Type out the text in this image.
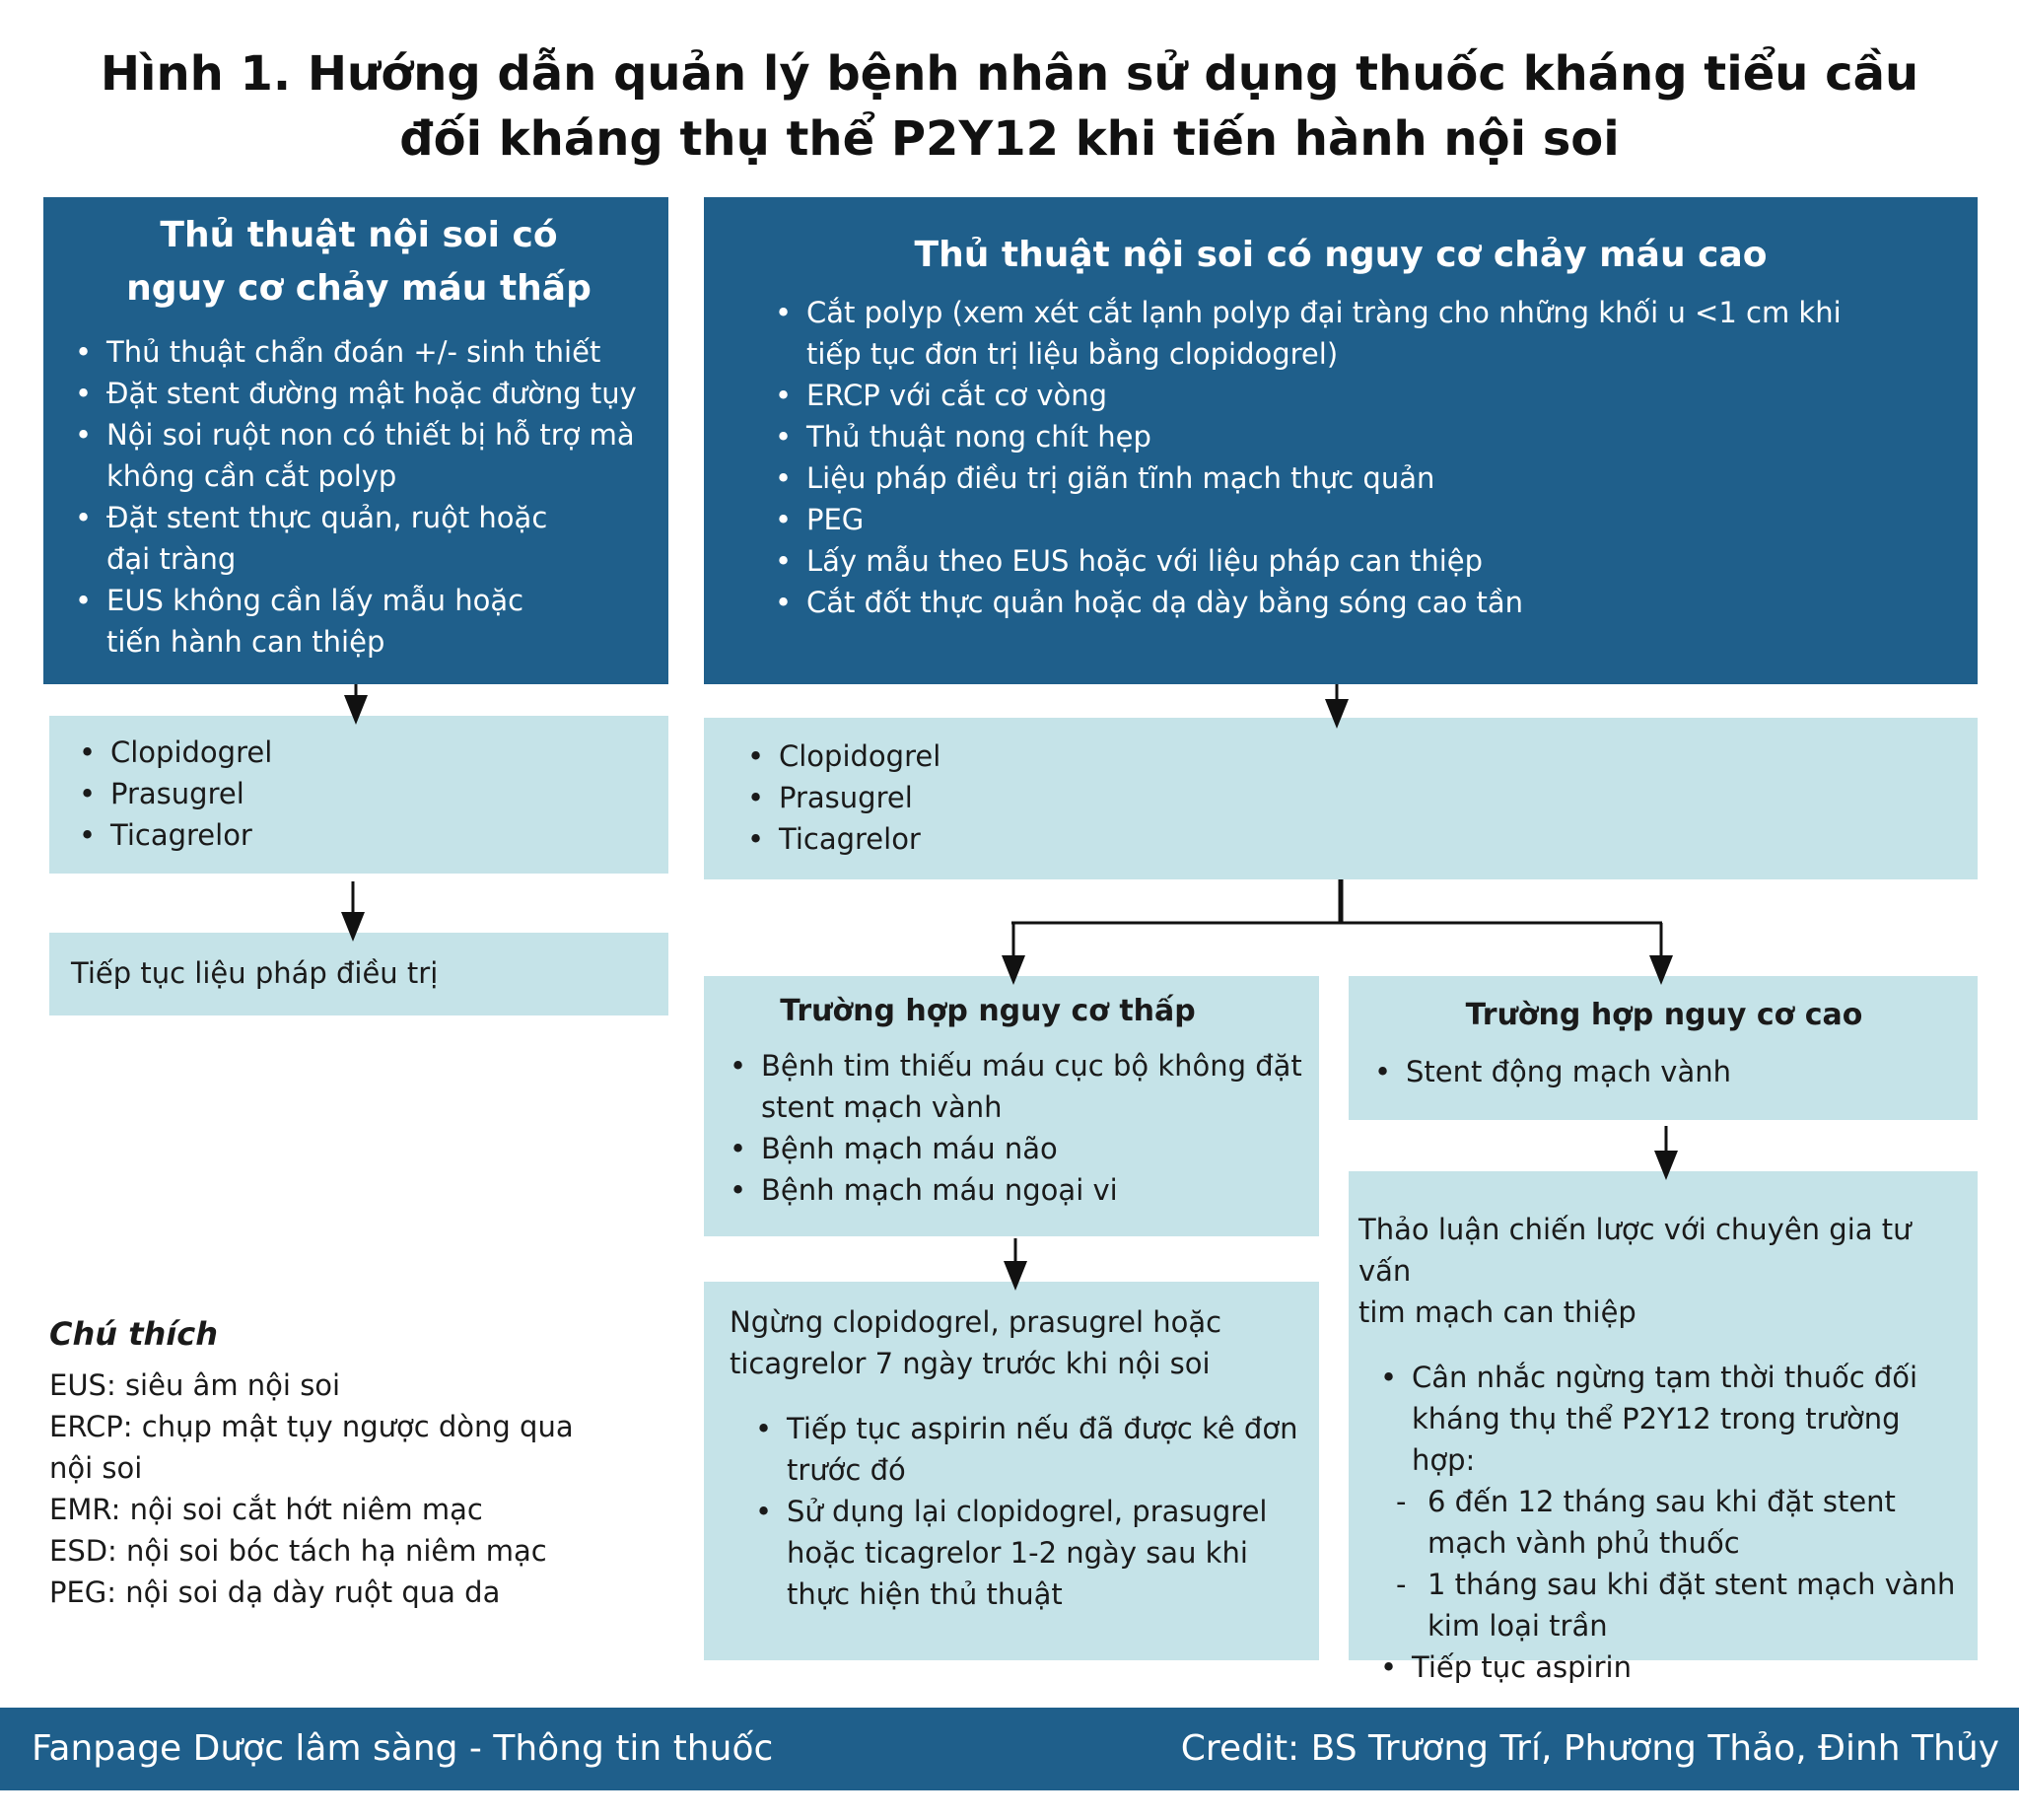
Hình 1. Hướng dẫn quản lý bệnh nhân sử dụng thuốc kháng tiểu cầu
đối kháng thụ thể P2Y12 khi tiến hành nội soi
Thủ thuật nội soi có
nguy cơ chảy máu thấp
• Thủ thuật chẩn đoán +/- sinh thiết
• Đặt stent đường mật hoặc đường tụy
• Nội soi ruột non có thiết bị hỗ trợ mà
không cần cắt polyp
• Đặt stent thực quản, ruột hoặc
đại tràng
• EUS không cần lấy mẫu hoặc
tiến hành can thiệp
Thủ thuật nội soi có nguy cơ chảy máu cao
• Cắt polyp (xem xét cắt lạnh polyp đại tràng cho những khối u <1 cm khi
tiếp tục đơn trị liệu bằng clopidogrel)
• ERCP với cắt cơ vòng
• Thủ thuật nong chít hẹp
• Liệu pháp điều trị giãn tĩnh mạch thực quản
• PEG
• Lấy mẫu theo EUS hoặc với liệu pháp can thiệp
• Cắt đốt thực quản hoặc dạ dày bằng sóng cao tần
• Clopidogrel
• Prasugrel
• Ticagrelor
• Clopidogrel
• Prasugrel
• Ticagrelor
Tiếp tục liệu pháp điều trị
Trường hợp nguy cơ thấp
• Bệnh tim thiếu máu cục bộ không đặt
stent mạch vành
• Bệnh mạch máu não
• Bệnh mạch máu ngoại vi
Trường hợp nguy cơ cao
• Stent động mạch vành
Ngừng clopidogrel, prasugrel hoặc
ticagrelor 7 ngày trước khi nội soi
• Tiếp tục aspirin nếu đã được kê đơn
trước đó
• Sử dụng lại clopidogrel, prasugrel
hoặc ticagrelor 1-2 ngày sau khi
thực hiện thủ thuật
Thảo luận chiến lược với chuyên gia tư vấn
tim mạch can thiệp
• Cân nhắc ngừng tạm thời thuốc đối
kháng thụ thể P2Y12 trong trường hợp:
- 6 đến 12 tháng sau khi đặt stent
mạch vành phủ thuốc
- 1 tháng sau khi đặt stent mạch vành
kim loại trần
• Tiếp tục aspirin
Chú thích
EUS: siêu âm nội soi
ERCP: chụp mật tụy ngược dòng qua
nội soi
EMR: nội soi cắt hớt niêm mạc
ESD: nội soi bóc tách hạ niêm mạc
PEG: nội soi dạ dày ruột qua da
Fanpage Dược lâm sàng - Thông tin thuốc	Credit: BS Trương Trí, Phương Thảo, Đinh Thủy
